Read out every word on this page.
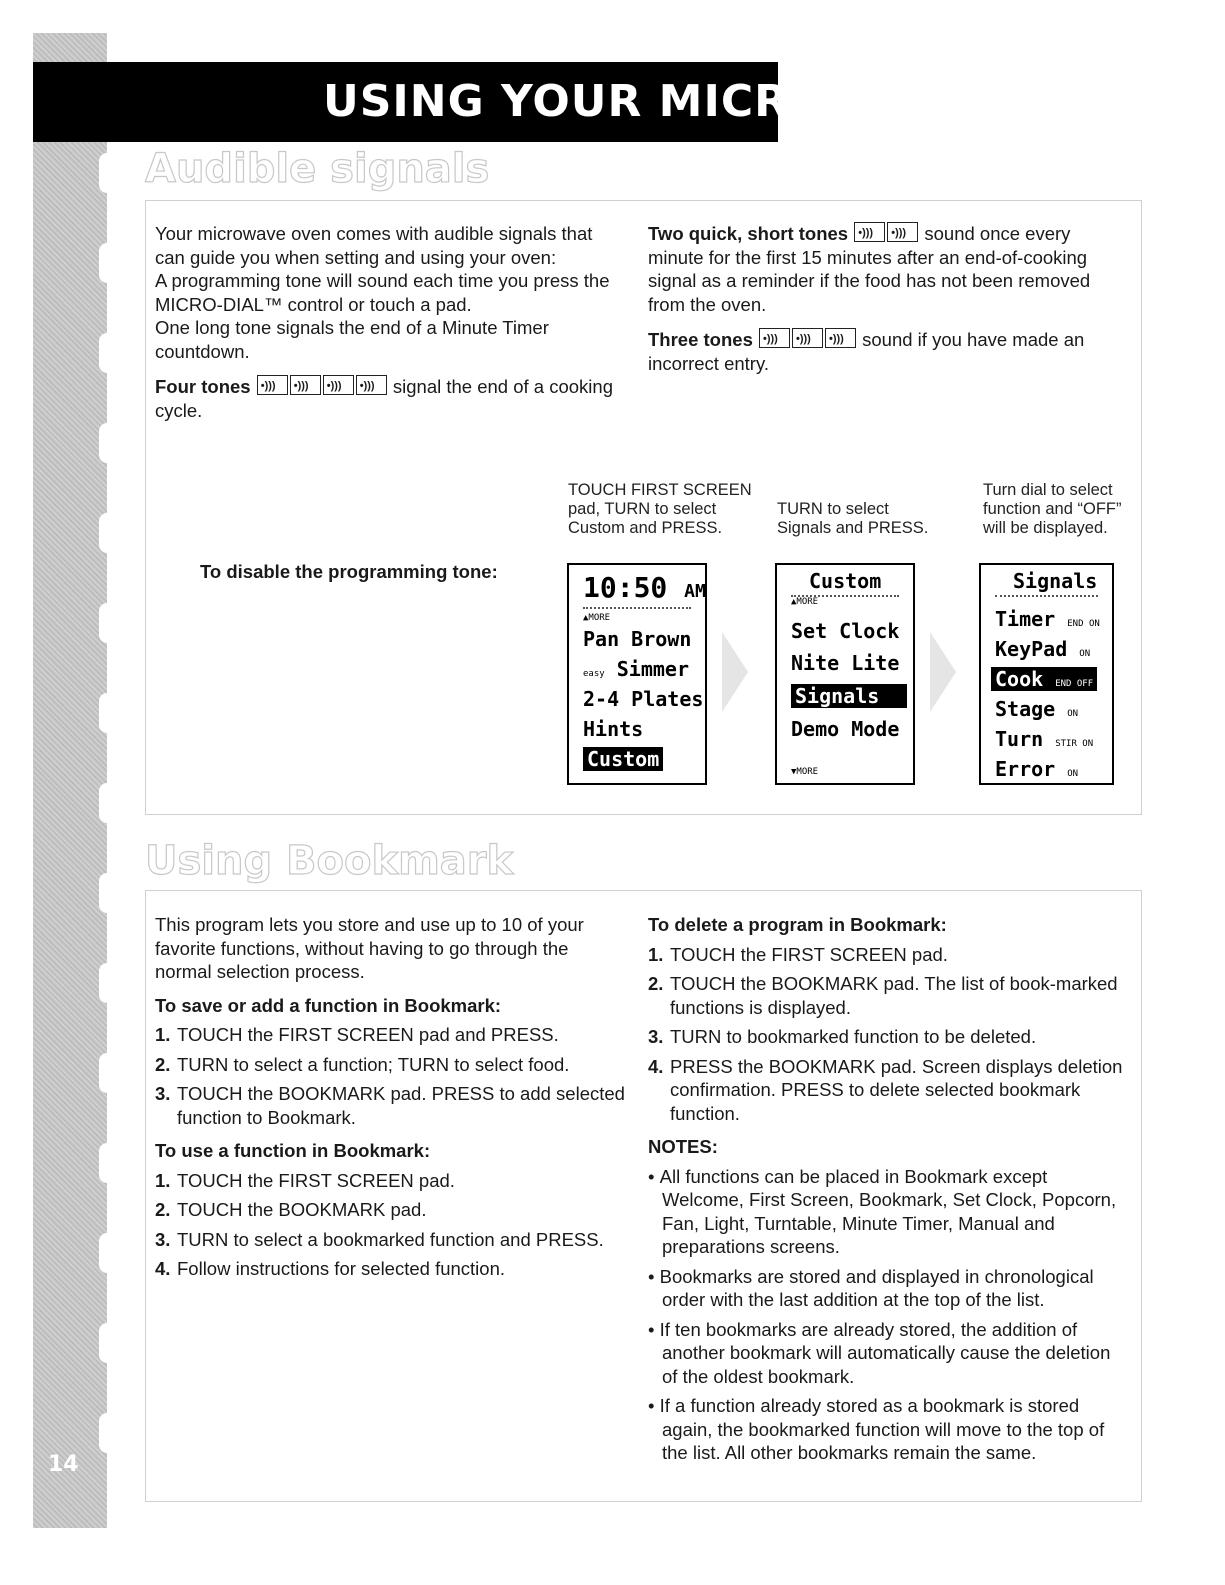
14
USING YOUR MICROWAVE OVEN
Audible signals

Your microwave oven comes with audible signals that can guide you when setting and using your oven:

A programming tone will sound each time you press the MICRO-DIAL™ control or touch a pad.

One long tone signals the end of a Minute Timer countdown.

Four tones •))) •))) •))) •)))	signal the end of a cooking cycle.

Two quick, short tones •))) •)))	sound once every minute for the first 15 minutes after an end-of-cooking signal as a reminder if the food has not been removed from the oven.

Three tones •))) •))) •)))	sound if you have made an incorrect entry.

To disable the programming tone:
TOUCH FIRST SCREEN pad, TURN to select Custom and PRESS.
TURN to select Signals and PRESS.
Turn dial to select function and “OFF” will be displayed.
10:50 AM
▲MORE
Pan Brown
easy Simmer
2-4 Plates
Hints
Custom
Custom
▲MORE
Set Clock
Nite Lite
Signals
Demo Mode
▼MORE
Signals
Timer END ON
KeyPad ON
Cook END OFF
Stage ON
Turn STIR ON
Error ON
Using Bookmark

This program lets you store and use up to 10 of your favorite functions, without having to go through the normal selection process.

To save or add a function in Bookmark:
1. TOUCH the FIRST SCREEN pad and PRESS.
2. TURN to select a function; TURN to select food.
3. TOUCH the BOOKMARK pad. PRESS to add selected function to Bookmark.
To use a function in Bookmark:
1. TOUCH the FIRST SCREEN pad.
2. TOUCH the BOOKMARK pad.
3. TURN to select a bookmarked function and PRESS.
4. Follow instructions for selected function.
To delete a program in Bookmark:
1. TOUCH the FIRST SCREEN pad.
2. TOUCH the BOOKMARK pad. The list of book-marked functions is displayed.
3. TURN to bookmarked function to be deleted.
4. PRESS the BOOKMARK pad. Screen displays deletion confirmation. PRESS to delete selected bookmark function.
NOTES:
• All functions can be placed in Bookmark except Welcome, First Screen, Bookmark, Set Clock, Popcorn, Fan, Light, Turntable, Minute Timer, Manual and preparations screens.
• Bookmarks are stored and displayed in chronological order with the last addition at the top of the list.
• If ten bookmarks are already stored, the addition of another bookmark will automatically cause the deletion of the oldest bookmark.
• If a function already stored as a bookmark is stored again, the bookmarked function will move to the top of the list. All other bookmarks remain the same.
